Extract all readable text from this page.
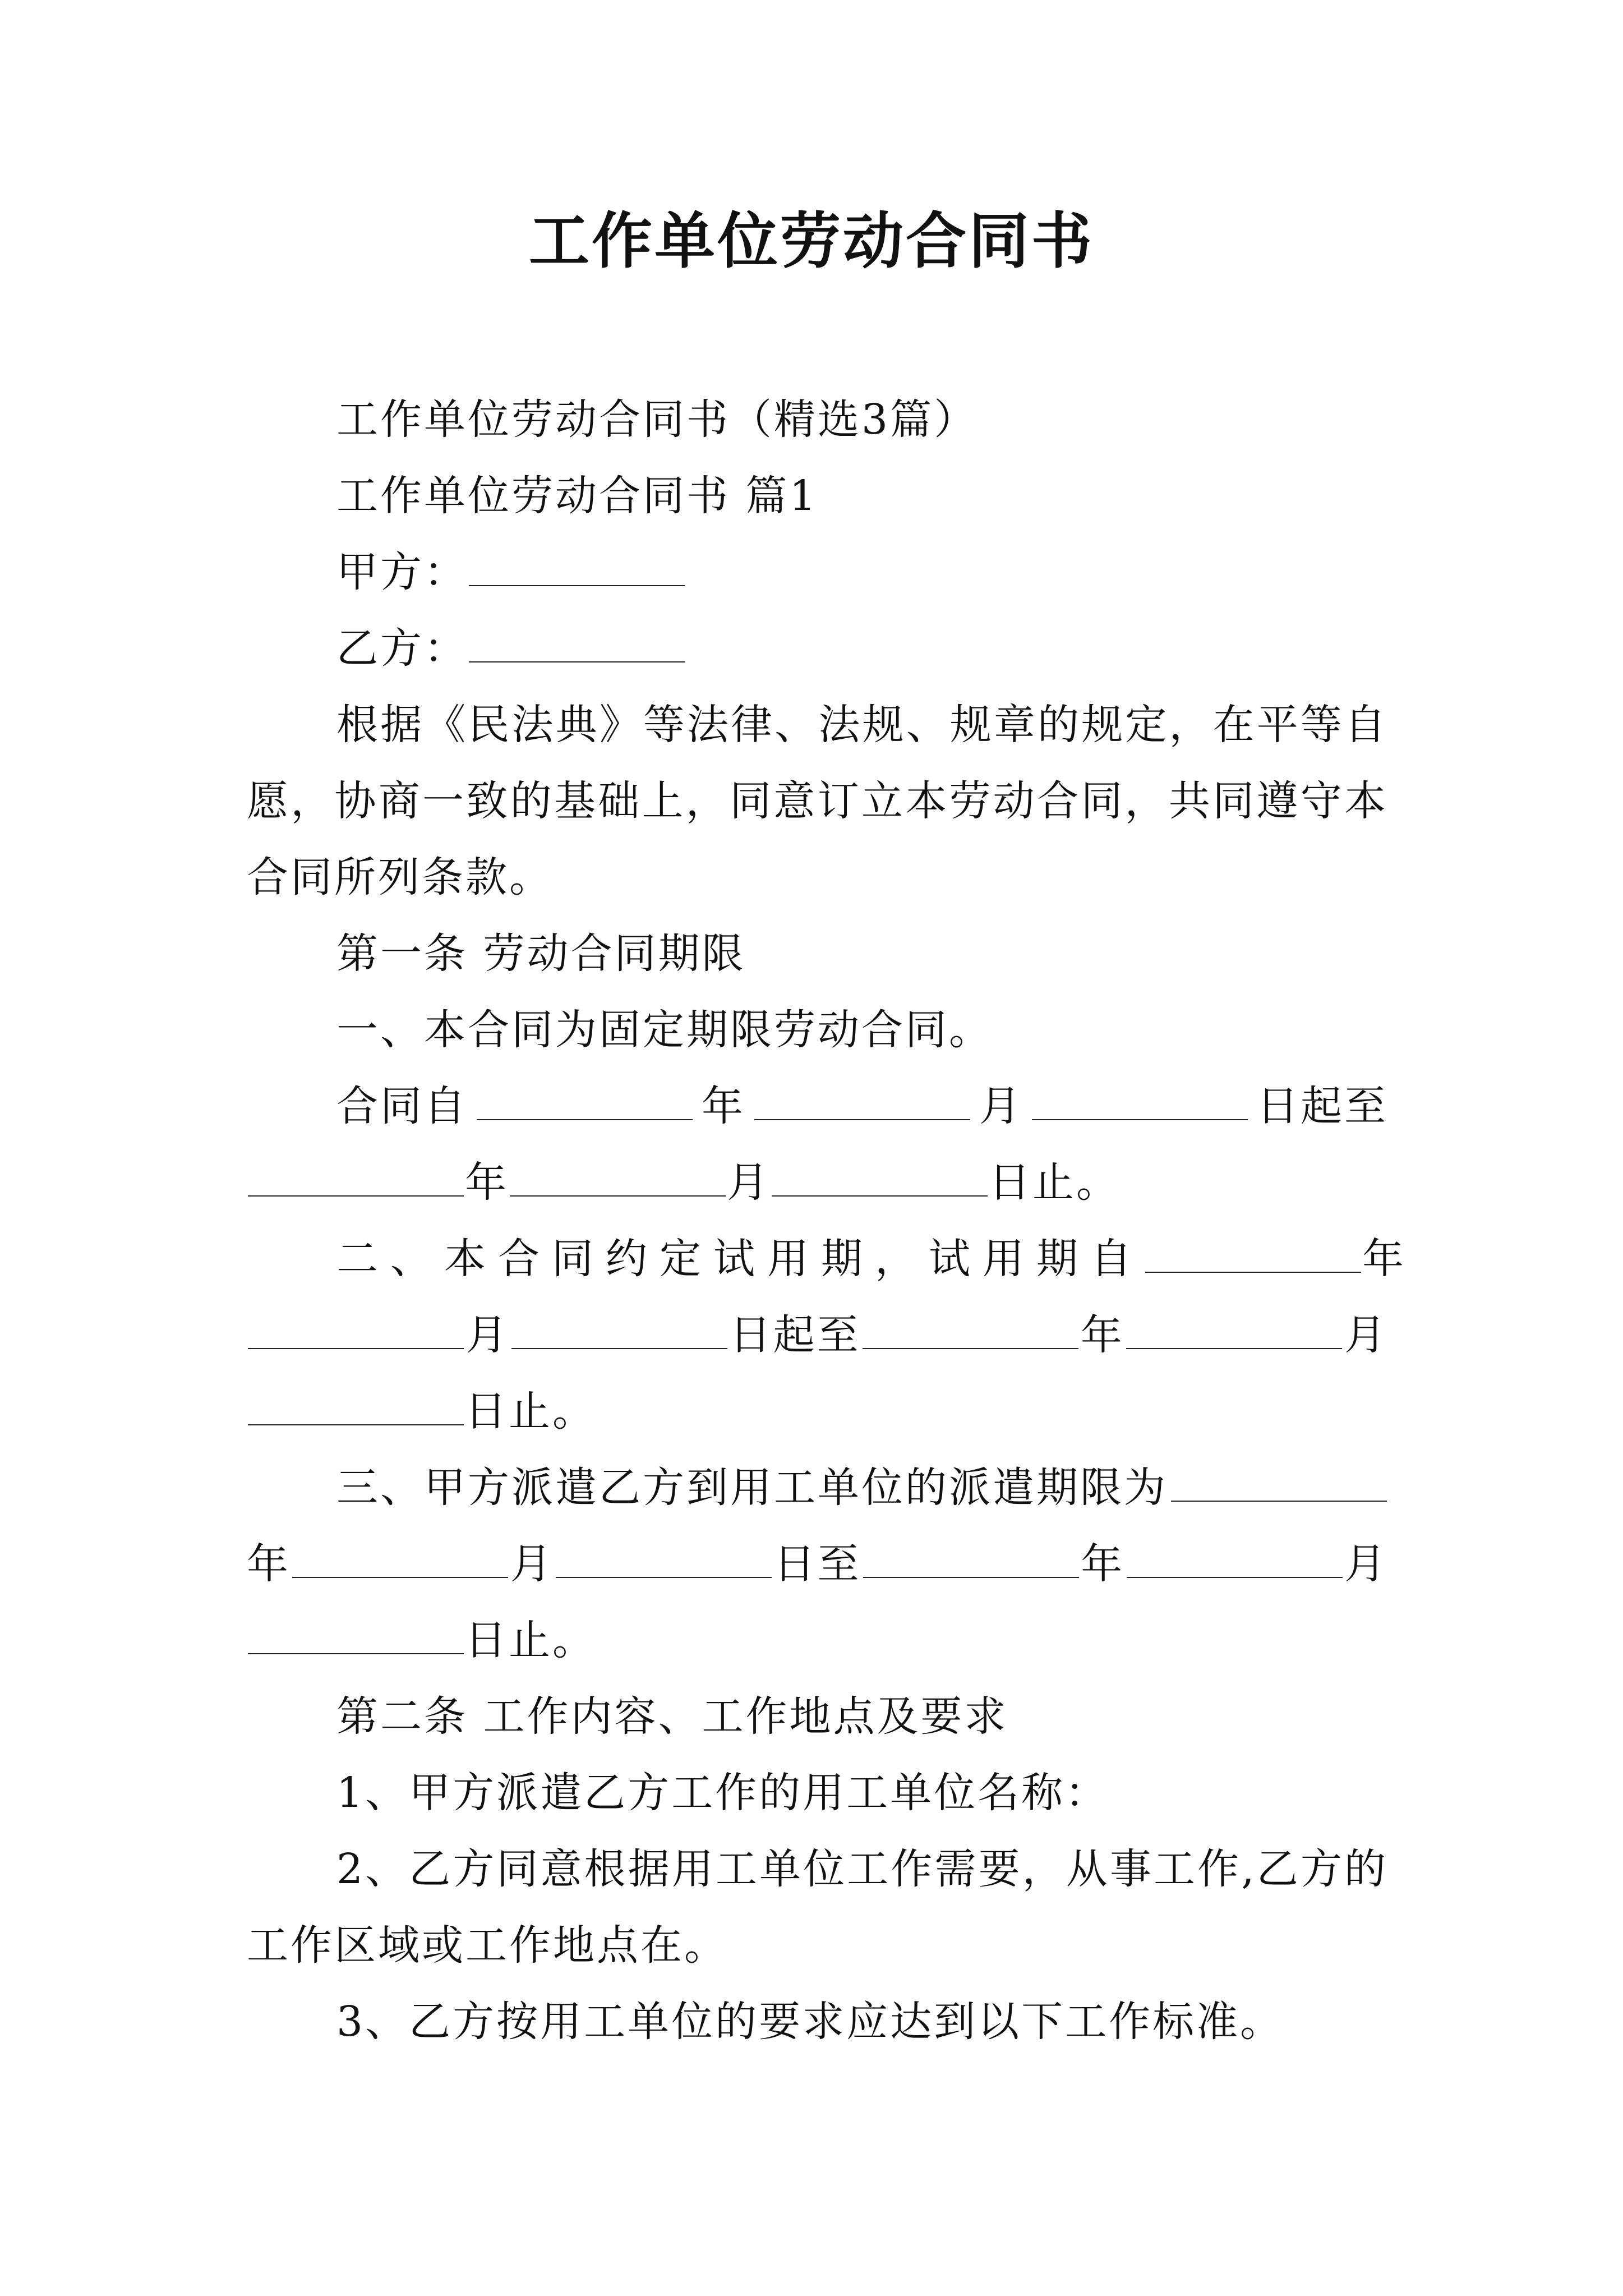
工作单位劳动合同书

工作单位劳动合同书（精选3篇）

工作单位劳动合同书 篇1

甲方：

乙方：

根据《民法典》等法律、法规、规章的规定，在平等自愿，协商一致的基础上，同意订立本劳动合同，共同遵守本合同所列条款。

第一条 劳动合同期限

一、本合同为固定期限劳动合同。

合同自	年	月	日起至
年	月	日止。
二、本合同约定试用期，试用期自	年
月	日起至	年	月
日止。
三、甲方派遣乙方到用工单位的派遣期限为
年	月	日至	年	月
日止。

第二条 工作内容、工作地点及要求

1、甲方派遣乙方工作的用工单位名称：

2、乙方同意根据用工单位工作需要，从事工作,乙方的工作区域或工作地点在。

3、乙方按用工单位的要求应达到以下工作标准。
